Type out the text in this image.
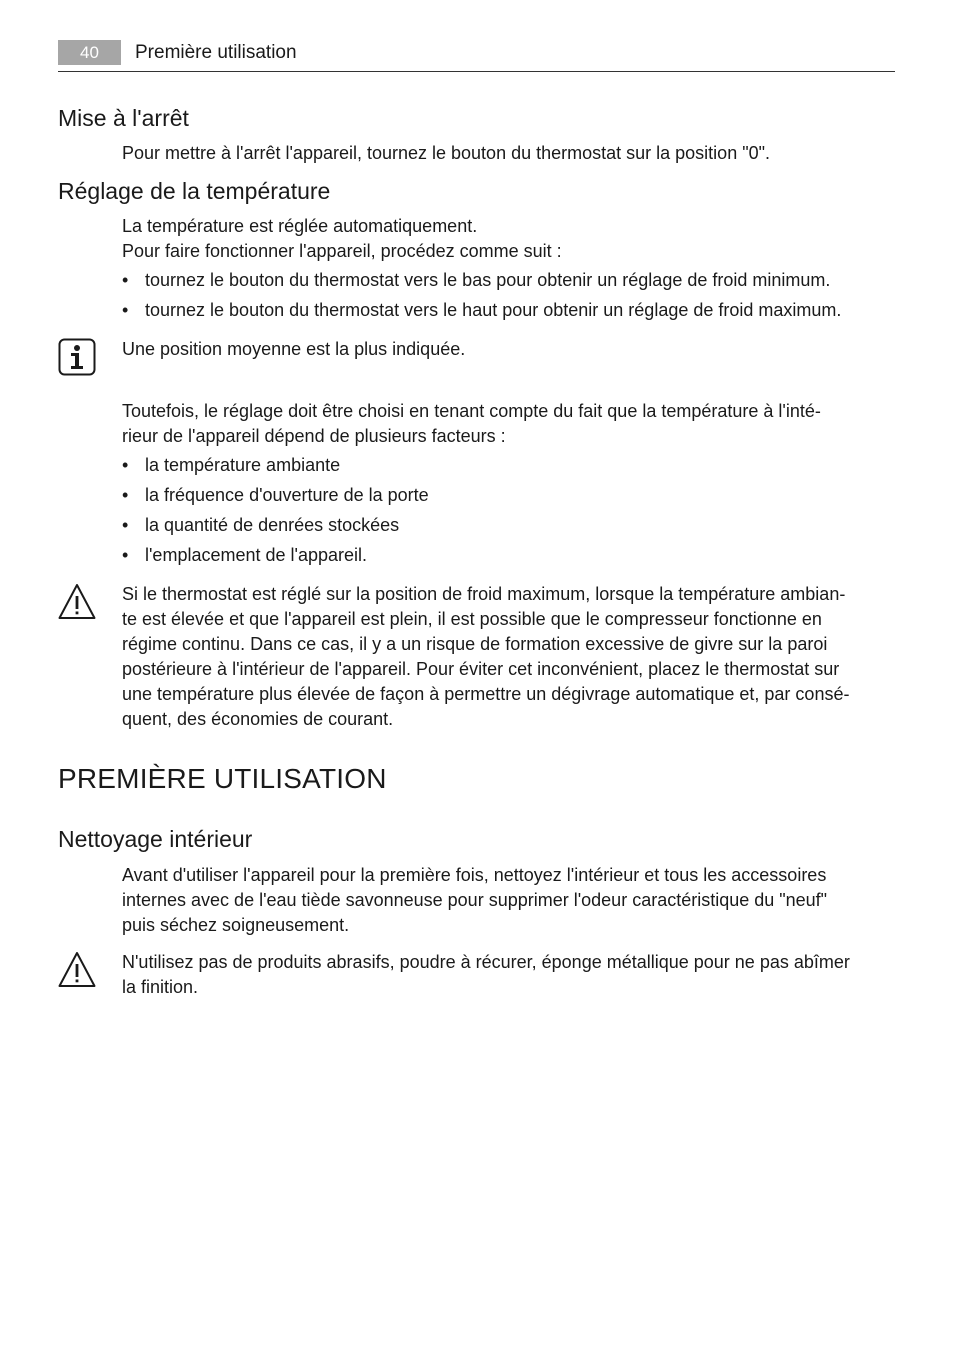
40	Première utilisation
Mise à l'arrêt

Pour mettre à l'arrêt l'appareil, tournez le bouton du thermostat sur la position "0".

Réglage de la température

La température est réglée automatiquement.

Pour faire fonctionner l'appareil, procédez comme suit :

• tournez le bouton du thermostat vers le bas pour obtenir un réglage de froid minimum.
• tournez le bouton du thermostat vers le haut pour obtenir un réglage de froid maximum.

Une position moyenne est la plus indiquée.

Toutefois, le réglage doit être choisi en tenant compte du fait que la température à l'inté-

rieur de l'appareil dépend de plusieurs facteurs :

• la température ambiante
• la fréquence d'ouverture de la porte
• la quantité de denrées stockées
• l'emplacement de l'appareil.

Si le thermostat est réglé sur la position de froid maximum, lorsque la température ambian-

te est élevée et que l'appareil est plein, il est possible que le compresseur fonctionne en

régime continu. Dans ce cas, il y a un risque de formation excessive de givre sur la paroi

postérieure à l'intérieur de l'appareil. Pour éviter cet inconvénient, placez le thermostat sur

une température plus élevée de façon à permettre un dégivrage automatique et, par consé-

quent, des économies de courant.

PREMIÈRE UTILISATION
Nettoyage intérieur

Avant d'utiliser l'appareil pour la première fois, nettoyez l'intérieur et tous les accessoires

internes avec de l'eau tiède savonneuse pour supprimer l'odeur caractéristique du "neuf"

puis séchez soigneusement.

N'utilisez pas de produits abrasifs, poudre à récurer, éponge métallique pour ne pas abîmer

la finition.
